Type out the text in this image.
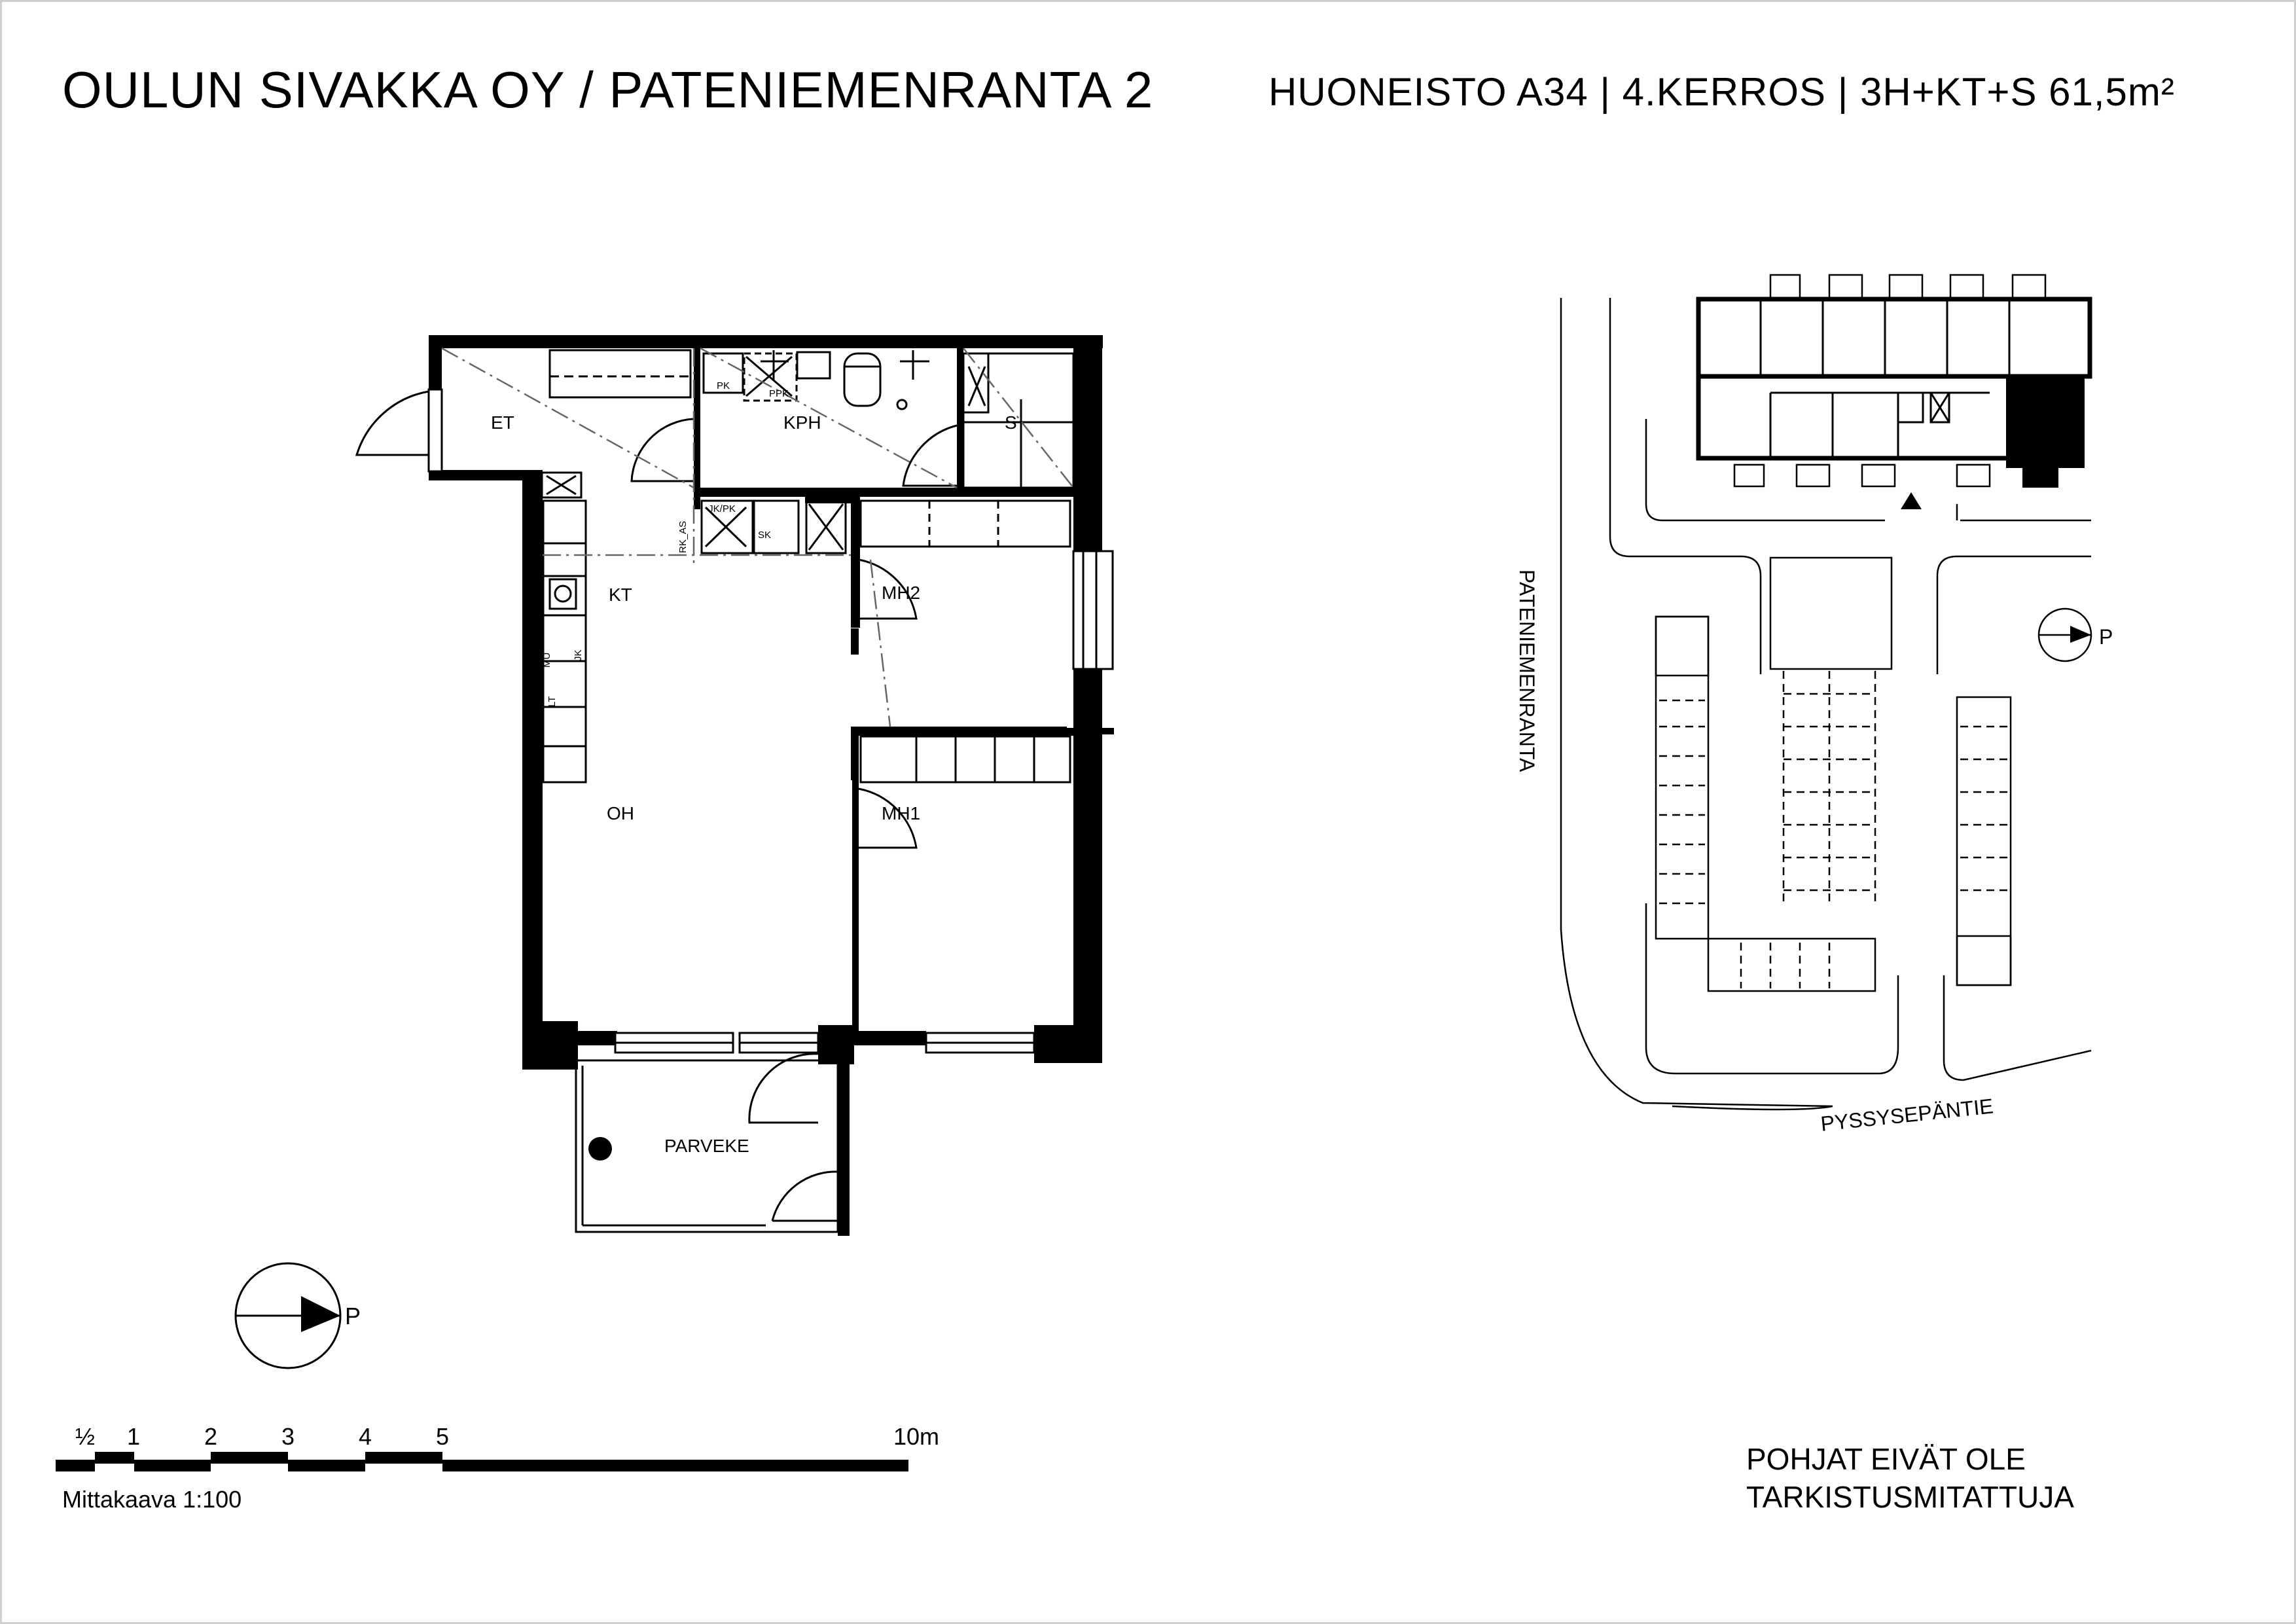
OULUN SIVAKKA OY / PATENIEMENRANTA 2	HUONEISTO A34 | 4.KERROS | 3H+KT+S 61,5m²
ET	KPH	S
KT	MH2
OH	MH1
PARVEKE
PK
PPK
JK/PK
SK
RK_AS
MU JK
LT
P
½ 1	2	3	4	5	10m
Mittakaava 1:100
P
PATENIEMENRANTA
PYSSYSEPÄNTIE
POHJAT EIVÄT OLE
TARKISTUSMITATTUJA
